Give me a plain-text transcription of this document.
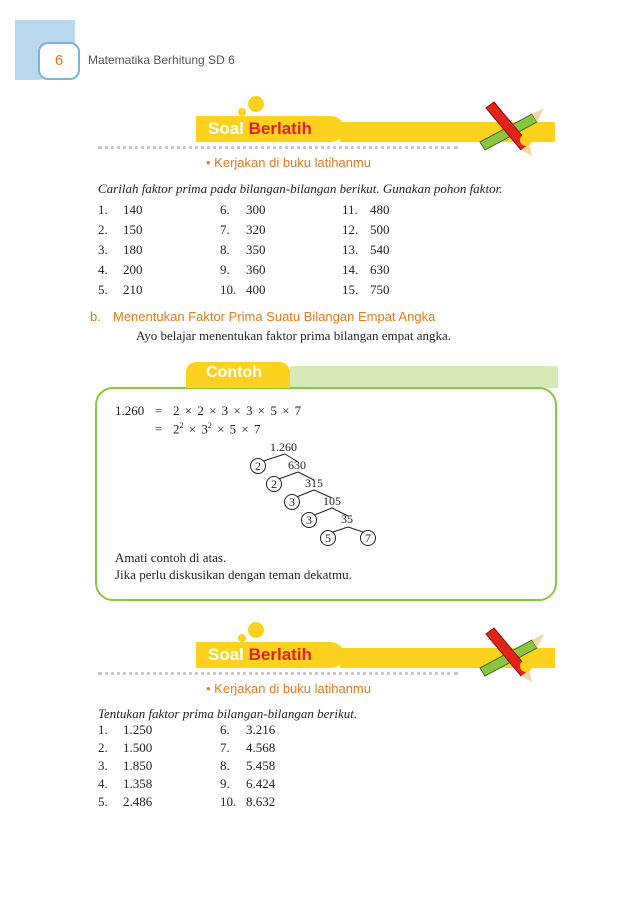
6	Matematika Berhitung SD 6
Soal Berlatih
• Kerjakan di buku latihanmu
Carilah faktor prima pada bilangan-bilangan berikut. Gunakan pohon faktor.
1. 140
2. 150
3. 180
4. 200
5. 210
6. 300
7. 320
8. 350
9. 360
10. 400
11. 480
12. 500
13. 540
14. 630
15. 750
b. Menentukan Faktor Prima Suatu Bilangan Empat Angka
Ayo belajar menentukan faktor prima bilangan empat angka.
Contoh
1.260 = 2 × 2 × 3 × 3 × 5 × 7
= $2^2 \times 3^2 \times 5 \times 7$
1.260
2	630
2	315
3	105
3	35
5	7
Amati contoh di atas.
Jika perlu diskusikan dengan teman dekatmu.
Soal Berlatih
• Kerjakan di buku latihanmu
Tentukan faktor prima bilangan-bilangan berikut.
1. 1.250
2. 1.500
3. 1.850
4. 1.358
5. 2.486
6. 3.216
7. 4.568
8. 5.458
9. 6.424
10. 8.632
